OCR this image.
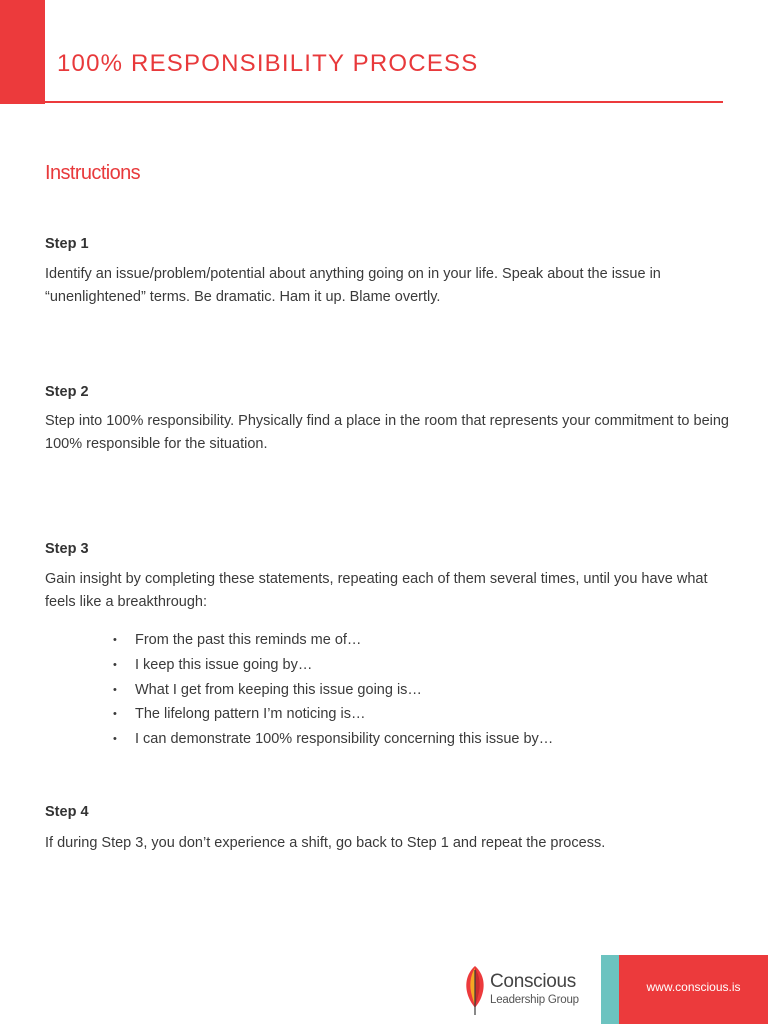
100% RESPONSIBILITY PROCESS
Instructions
Step 1

Identify an issue/problem/potential about anything going on in your life. Speak about the issue in “unenlightened” terms. Be dramatic. Ham it up. Blame overtly.

Step 2

Step into 100% responsibility. Physically find a place in the room that represents your commitment to being 100% responsible for the situation.

Step 3

Gain insight by completing these statements, repeating each of them several times, until you have what feels like a breakthrough:

• From the past this reminds me of…
• I keep this issue going by…
• What I get from keeping this issue going is…
• The lifelong pattern I’m noticing is…
• I can demonstrate 100% responsibility concerning this issue by…
Step 4

If during Step 3, you don’t experience a shift, go back to Step 1 and repeat the process.

Conscious
Leadership Group
www.conscious.is
